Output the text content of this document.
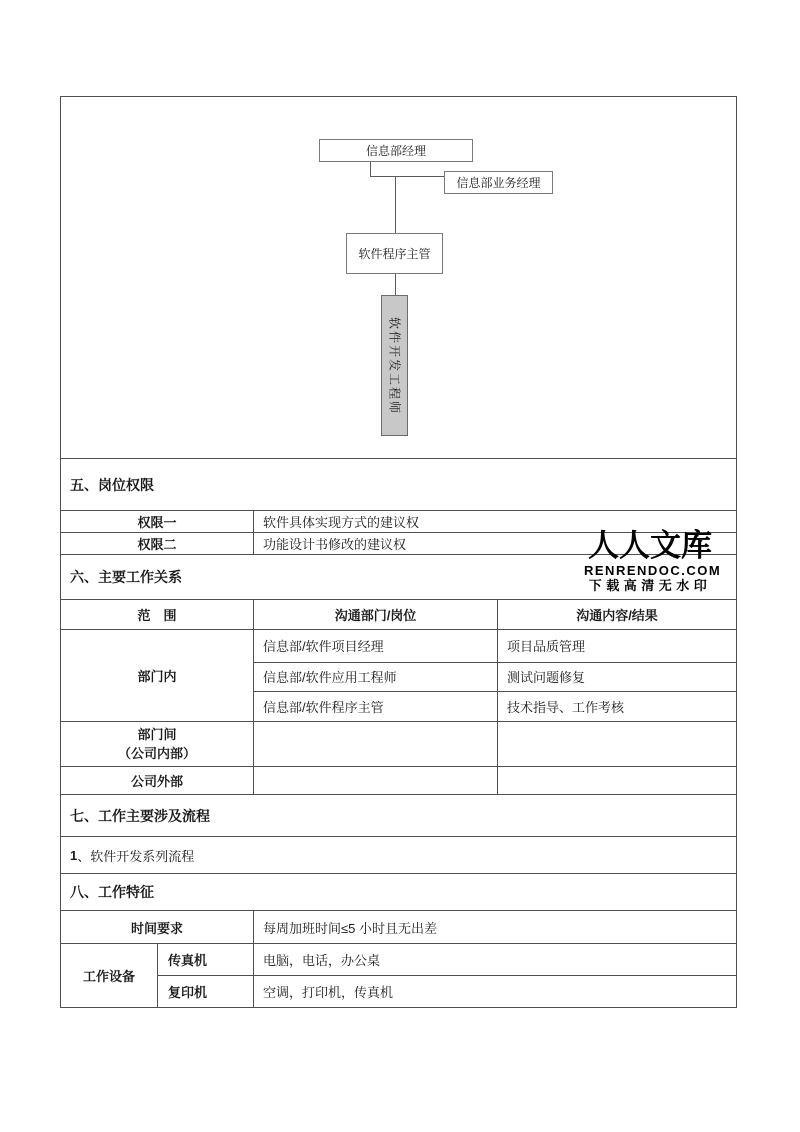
信息部经理
信息部业务经理
软件程序主管
软件开发工程师
五、岗位权限
权限一	软件具体实现方式的建议权
权限二	功能设计书修改的建议权
六、主要工作关系
范　围	沟通部门/岗位	沟通内容/结果
部门内
信息部/软件项目经理	项目品质管理
信息部/软件应用工程师	测试问题修复
信息部/软件程序主管	技术指导、工作考核
部门间
（公司内部）
公司外部
七、工作主要涉及流程
1 、软件开发系列流程
八、工作特征
时间要求	每周加班时间≤5 小时且无出差
工作设备
传真机	电脑，电话，办公桌
复印机	空调，打印机，传真机
人人文库
RENRENDOC.COM
下载高清无水印
